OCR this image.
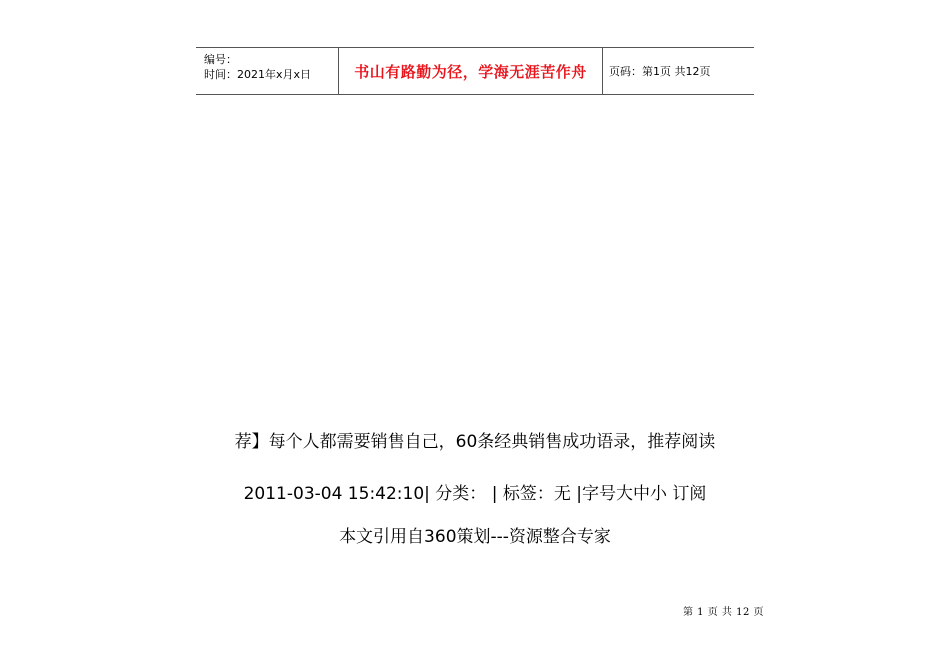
编号：
时间：2021年x月x日	书山有路勤为径，学海无涯苦作舟 页码：第1页 共12页
荐】每个人都需要销售自己，60条经典销售成功语录，推荐阅读
2011-03-04 15:42:10| 分类： | 标签：无 |字号大中小 订阅
本文引用自360策划---资源整合专家
第 1 页 共 12 页
